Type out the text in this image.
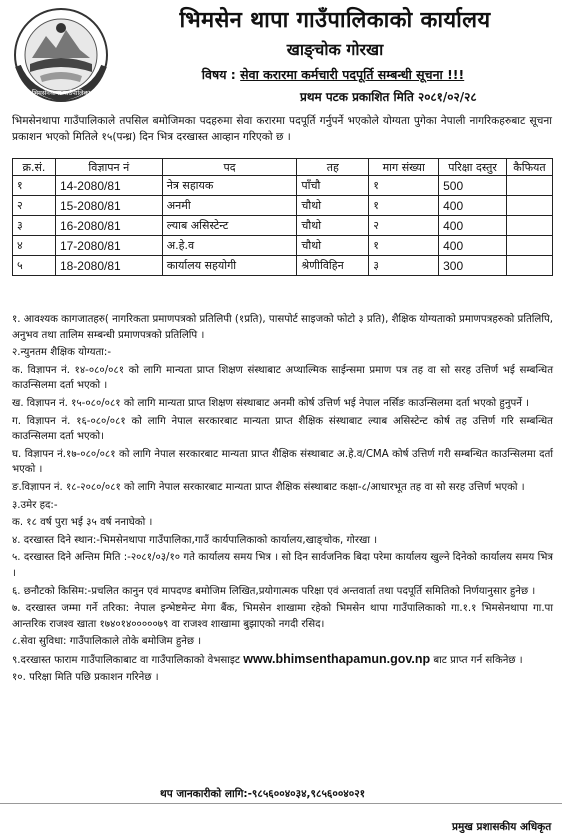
भिमसेनथापा गाउँपालिका
भिमसेन थापा गाउँपालिकाको कार्यालय
खाङ्चोक गोरखा
विषय : सेवा करारमा कर्मचारी पदपूर्ति सम्बन्धी सूचना !!!
प्रथम पटक प्रकाशित मिति २०८१/०२/२८
भिमसेनथापा गाउँपालिकाले तपसिल बमोजिमका पदहरुमा सेवा करारमा पदपूर्ति गर्नुपर्ने भएकोले योग्यता पुगेका नेपाली नागरिकहरुबाट सूचना प्रकाशन भएको मितिले १५(पन्ध्र) दिन भित्र दरखास्त आव्हान गरिएको छ ।
क्र.सं.	विज्ञापन नं	पद	तह	माग संख्या	परिक्षा दस्तुर	कैफियत
१	14-2080/81	नेत्र सहायक	पाँचौ	१	500	
२	15-2080/81	अनमी	चौथो	१	400	
३	16-2080/81	ल्याब असिस्टेन्ट	चौथो	२	400	
४	17-2080/81	अ.हे.व	चौथो	१	400	
५	18-2080/81	कार्यालय सहयोगी	श्रेणीविहिन	३	300	

१. आवश्यक कागजातहरु( नागरिकता प्रमाणपत्रको प्रतिलिपी (१प्रति), पासपोर्ट साइजको फोटो ३ प्रति), शैक्षिक योग्यताको प्रमाणपत्रहरुको प्रतिलिपि, अनुभव तथा तालिम सम्बन्धी प्रमाणपत्रको प्रतिलिपि ।

२.न्युनतम शैक्षिक योग्यता:-

क. विज्ञापन नं. १४-०८०/०८१ को लागि मान्यता प्राप्त शिक्षण संस्थाबाट अप्थाल्मिक साईन्समा प्रमाण पत्र तह वा सो सरह उत्तिर्ण भई सम्बन्धित काउन्सिलमा दर्ता भएको ।

ख. विज्ञापन नं. १५-०८०/०८१ को लागि मान्यता प्राप्त शिक्षण संस्थाबाट अनमी कोर्ष उत्तिर्ण भई नेपाल नर्सिङ काउन्सिलमा दर्ता भएको हुनुपर्ने ।

ग. विज्ञापन नं. १६-०८०/०८१ को लागि नेपाल सरकारबाट मान्यता प्राप्त शैक्षिक संस्थाबाट ल्याब असिस्टेन्ट कोर्ष तह उत्तिर्ण गरि सम्बन्धित काउन्सिलमा दर्ता भएको।

घ. विज्ञापन नं.१७-०८०/०८१ को लागि नेपाल सरकारबाट मान्यता प्राप्त शैक्षिक संस्थाबाट अ.हे.व/CMA कोर्ष उत्तिर्ण गरी सम्बन्धित काउन्सिलमा दर्ता भएको ।

ङ.विज्ञापन नं. १८-२०८०/०८१ को लागि नेपाल सरकारबाट मान्यता प्राप्त शैक्षिक संस्थाबाट कक्षा-८/आधारभूत तह वा सो सरह उत्तिर्ण भएको ।

३.उमेर हद:-

क. १८ वर्ष पुरा भई ३५ वर्ष ननाघेको ।

४. दरखास्त दिने स्थान:-भिमसेनथापा गाउँपालिका,गाउँ कार्यपालिकाको कार्यालय,खाङ्चोक, गोरखा ।

५. दरखास्त दिने अन्तिम मिति :-२०८१/०३/१० गते कार्यालय समय भित्र । सो दिन सार्वजनिक बिदा परेमा कार्यालय खुल्ने दिनेको कार्यालय समय भित्र ।

६. छनौटको किसिम:-प्रचलित कानुन एवं मापदण्ड बमोजिम लिखित,प्रयोगात्मक परिक्षा एवं अन्तवार्ता तथा पदपूर्ति समितिको निर्णयानुसार हुनेछ ।

७. दरखास्त जम्मा गर्ने तरिका: नेपाल इन्भेष्टमेन्ट मेगा बैंक, भिमसेन शाखामा रहेको भिमसेन थापा गाउँपालिकाको गा.१.१ भिमसेनथापा गा.पा आन्तरिक राजश्व खाता १७४०१४०००००७९ वा राजश्व शाखामा बुझाएको नगदी रसिद।

८.सेवा सुविधा: गाउँपालिकाले तोके बमोजिम हुनेछ ।

९.दरखास्त फाराम गाउँपालिकाबाट वा गाउँपालिकाको वेभसाइट www.bhimsenthapamun.gov.np बाट प्राप्त गर्न सकिनेछ ।

१०. परिक्षा मिति पछि प्रकाशन गरिनेछ ।

थप जानकारीको लागि:-९८५६००४०३४,९८५६००४०२१
प्रमुख प्रशासकीय अधिकृत
